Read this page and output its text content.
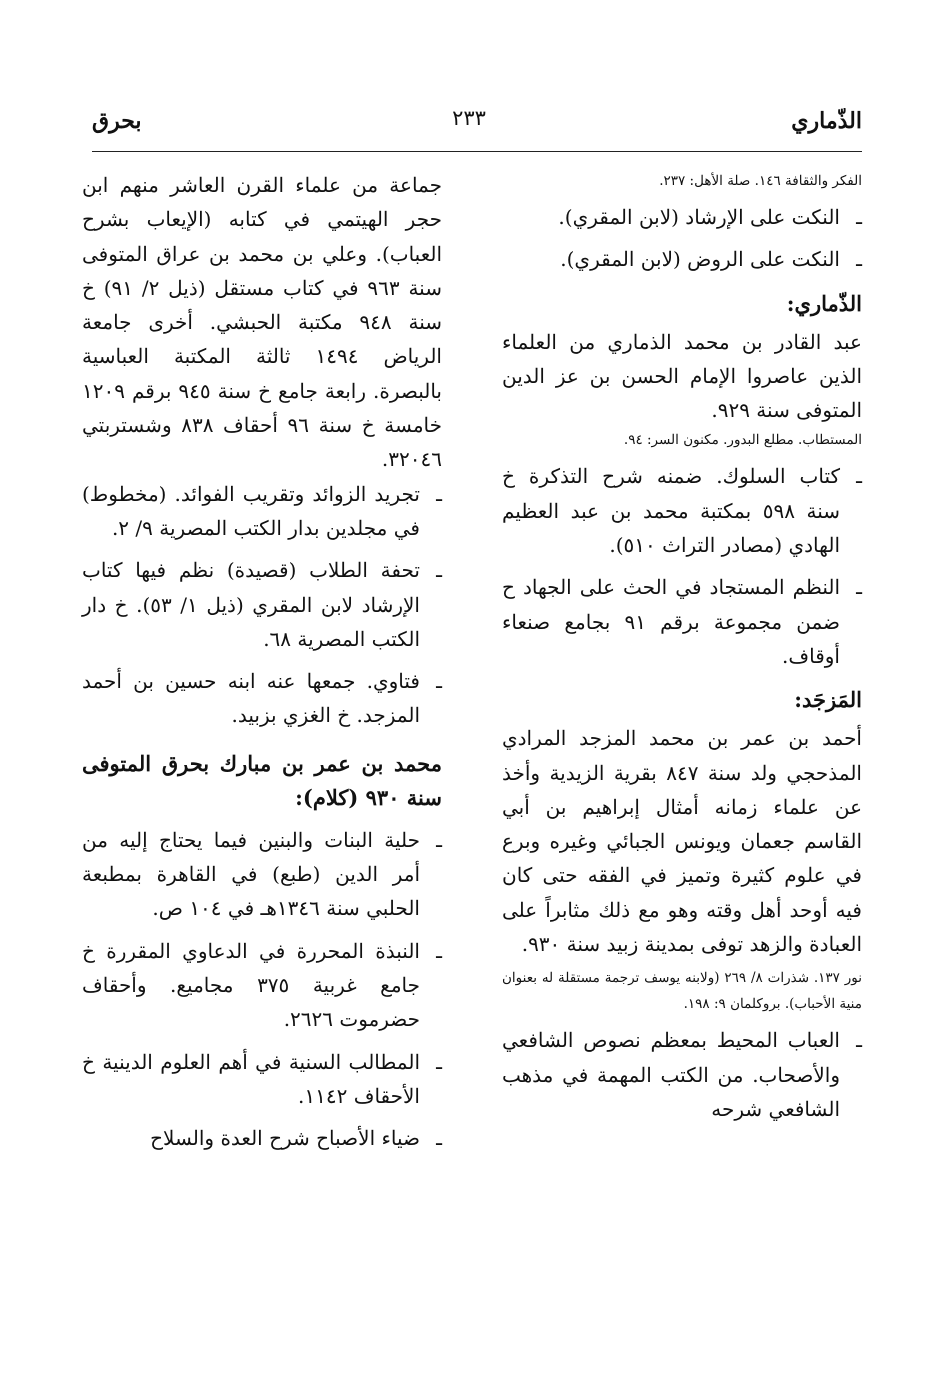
الذّماري
٢٣٣
بحرق

الفكر والثقافة ١٤٦. صلة الأهل: ٢٣٧.

ـ النكت على الإرشاد (لابن المقري).

ـ النكت على الروض (لابن المقري).

الذّماري:

عبد القادر بن محمد الذماري من العلماء الذين عاصروا الإمام الحسن بن عز الدين المتوفى سنة ٩٢٩.

المستطاب. مطلع البدور. مكنون السر: ٩٤.

ـ كتاب السلوك. ضمنه شرح التذكرة خ سنة ٥٩٨ بمكتبة محمد بن عبد العظيم الهادي (مصادر التراث ٥١٠).

ـ النظم المستجاد في الحث على الجهاد ح ضمن مجموعة برقم ٩١ بجامع صنعاء أوقاف.

المَزجَد:

أحمد بن عمر بن محمد المزجد المرادي المذحجي ولد سنة ٨٤٧ بقرية الزيدية وأخذ عن علماء زمانه أمثال إبراهيم بن أبي القاسم جعمان ويونس الجبائي وغيره وبرع في علوم كثيرة وتميز في الفقه حتى كان فيه أوحد أهل وقته وهو مع ذلك مثابراً على العبادة والزهد توفى بمدينة زبيد سنة ٩٣٠.

نور ١٣٧. شذرات ٨/ ٢٦٩ (ولابنه يوسف ترجمة مستقلة له بعنوان منية الأحباب). بروكلمان ٩: ١٩٨.

ـ العباب المحيط بمعظم نصوص الشافعي والأصحاب. من الكتب المهمة في مذهب الشافعي شرحه

جماعة من علماء القرن العاشر منهم ابن حجر الهيتمي في كتابه (الإيعاب بشرح العباب). وعلي بن محمد بن عراق المتوفى سنة ٩٦٣ في كتاب مستقل (ذيل ٢/ ٩١) خ سنة ٩٤٨ مكتبة الحبشي. أخرى جامعة الرياض ١٤٩٤ ثالثة المكتبة العباسية بالبصرة. رابعة جامع خ سنة ٩٤٥ برقم ١٢٠٩ خامسة خ سنة ٩٦ أحقاف ٨٣٨ وشستربتي ٣٢٠٤٦.

ـ تجريد الزوائد وتقريب الفوائد. (مخطوط) في مجلدين بدار الكتب المصرية ٩/ ٢.

ـ تحفة الطلاب (قصيدة) نظم فيها كتاب الإرشاد لابن المقري (ذيل ١/ ٥٣). خ دار الكتب المصرية ٦٨.

ـ فتاوي. جمعها عنه ابنه حسين بن أحمد المزجد. خ الغزي بزبيد.

محمد بن عمر بن مبارك بحرق المتوفى سنة ٩٣٠ (كلام):

ـ حلية البنات والبنين فيما يحتاج إليه من أمر الدين (طبع) في القاهرة بمطبعة الحلبي سنة ١٣٤٦هـ في ١٠٤ ص.

ـ النبذة المحررة في الدعاوي المقررة خ جامع غربية ٣٧٥ مجاميع. وأحقاف حضرموت ٢٦٢٦.

ـ المطالب السنية في أهم العلوم الدينية خ الأحقاف ١١٤٢.

ـ ضياء الأصباح شرح العدة والسلاح
